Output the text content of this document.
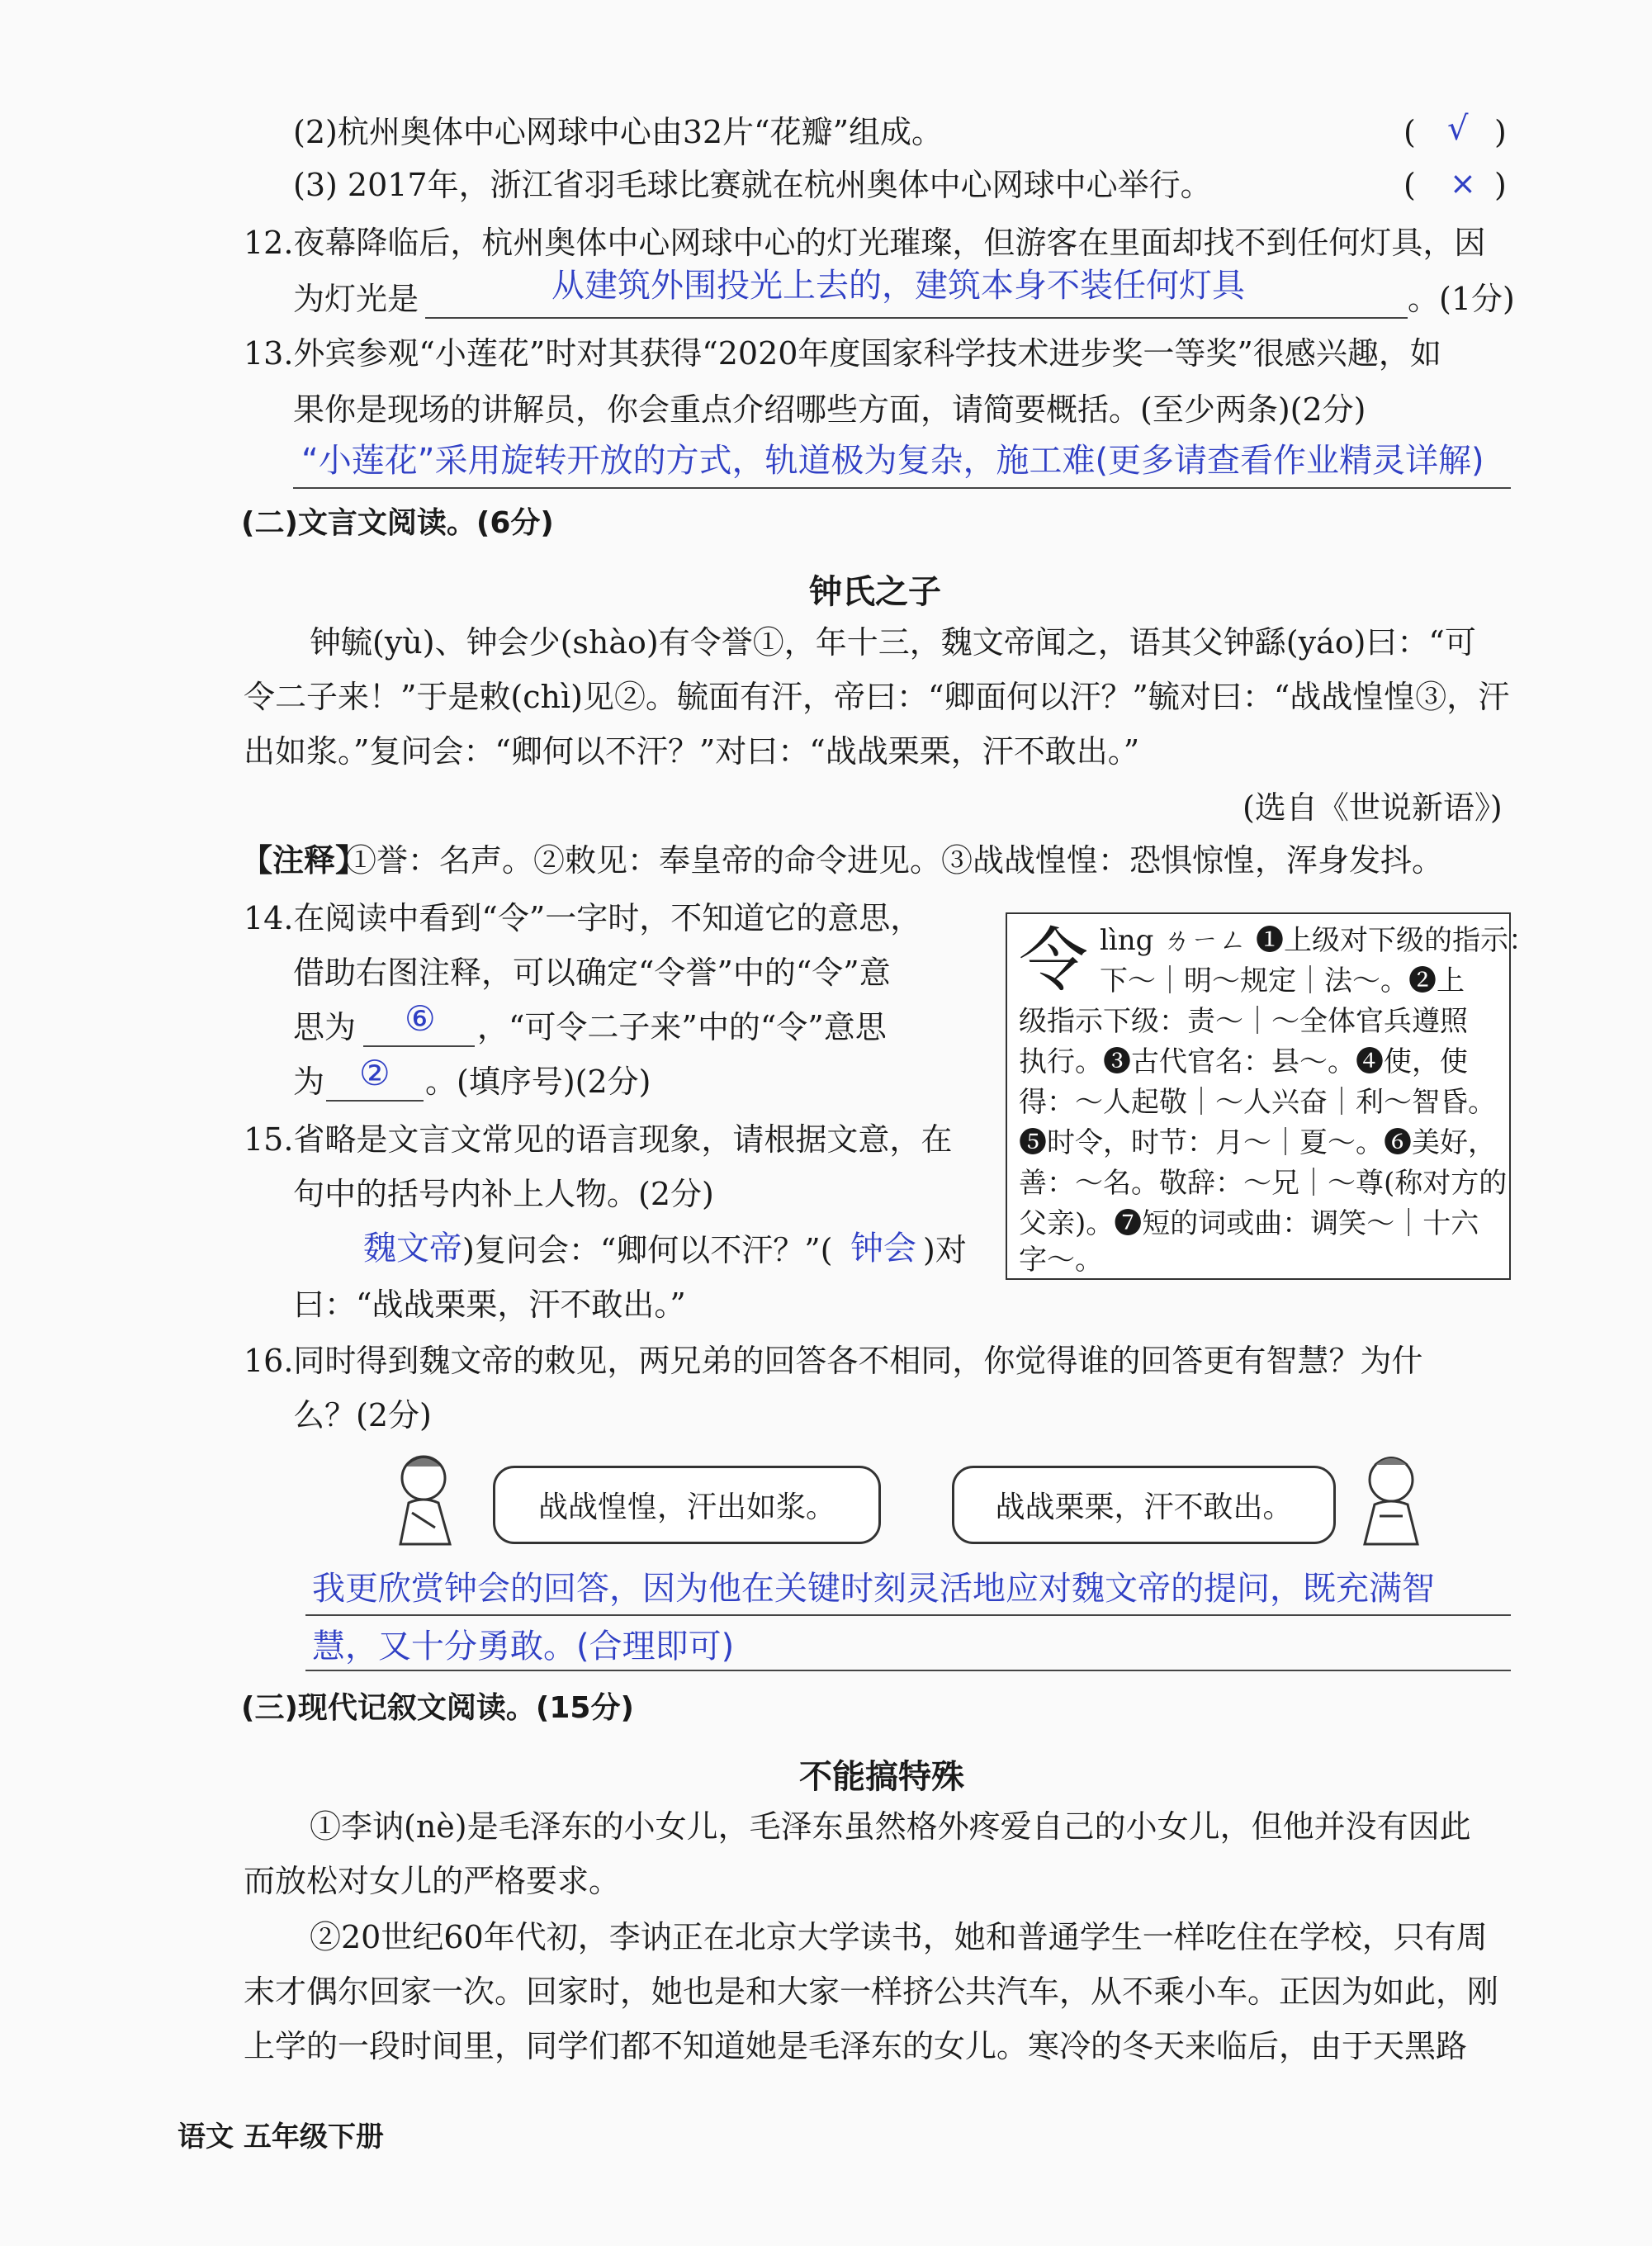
(2)杭州奥体中心网球中心由32片“花瓣”组成。	( √ )
(3) 2017年，浙江省羽毛球比赛就在杭州奥体中心网球中心举行。	( × )
12.夜幕降临后，杭州奥体中心网球中心的灯光璀璨，但游客在里面却找不到任何灯具，因
为灯光是	从建筑外围投光上去的，建筑本身不装任何灯具	。(1分)
13.外宾参观“小莲花”时对其获得“2020年度国家科学技术进步奖一等奖”很感兴趣，如
果你是现场的讲解员，你会重点介绍哪些方面，请简要概括。(至少两条)(2分)
“小莲花”采用旋转开放的方式，轨道极为复杂，施工难(更多请查看作业精灵详解)
(二)文言文阅读。(6分)
钟氏之子
钟毓(yù)、钟会少(shào)有令誉①，年十三，魏文帝闻之，语其父钟繇(yáo)曰：“可
令二子来！”于是敕(chì)见②。毓面有汗，帝曰：“卿面何以汗？”毓对曰：“战战惶惶③，汗
出如浆。”复问会：“卿何以不汗？”对曰：“战战栗栗，汗不敢出。”
(选自《世说新语》)
【注释】
①誉：名声。②敕见：奉皇帝的命令进见。③战战惶惶：恐惧惊惶，浑身发抖。
14.在阅读中看到“令”一字时，不知道它的意思，
借助右图注释，可以确定“令誉”中的“令”意
思为 ⑥ ，“可令二子来”中的“令”意思
为 ② 。(填序号)(2分)
令 lìng ㄌㄧㄥ ❶上级对下级的指示：
下～｜明～规定｜法～。❷上
级指示下级：责～｜～全体官兵遵照
执行。❸古代官名：县～。❹使，使
得：～人起敬｜～人兴奋｜利～智昏。
❺时令，时节：月～｜夏～。❻美好，
善：～名。敬辞：～兄｜～尊(称对方的
父亲)。❼短的词或曲：调笑～｜十六
字～。
15.省略是文言文常见的语言现象，请根据文意，在
句中的括号内补上人物。(2分)
魏文帝 )复问会：“卿何以不汗？”( 钟会 )对
曰：“战战栗栗，汗不敢出。”
16.同时得到魏文帝的敕见，两兄弟的回答各不相同，你觉得谁的回答更有智慧？为什
么？(2分)
战战惶惶，汗出如浆。	战战栗栗，汗不敢出。
我更欣赏钟会的回答，因为他在关键时刻灵活地应对魏文帝的提问，既充满智
慧，又十分勇敢。(合理即可)
(三)现代记叙文阅读。(15分)
不能搞特殊
①李讷(nè)是毛泽东的小女儿，毛泽东虽然格外疼爱自己的小女儿，但他并没有因此
而放松对女儿的严格要求。
②20世纪60年代初，李讷正在北京大学读书，她和普通学生一样吃住在学校，只有周
末才偶尔回家一次。回家时，她也是和大家一样挤公共汽车，从不乘小车。正因为如此，刚
上学的一段时间里，同学们都不知道她是毛泽东的女儿。寒冷的冬天来临后，由于天黑路
语文 五年级下册
